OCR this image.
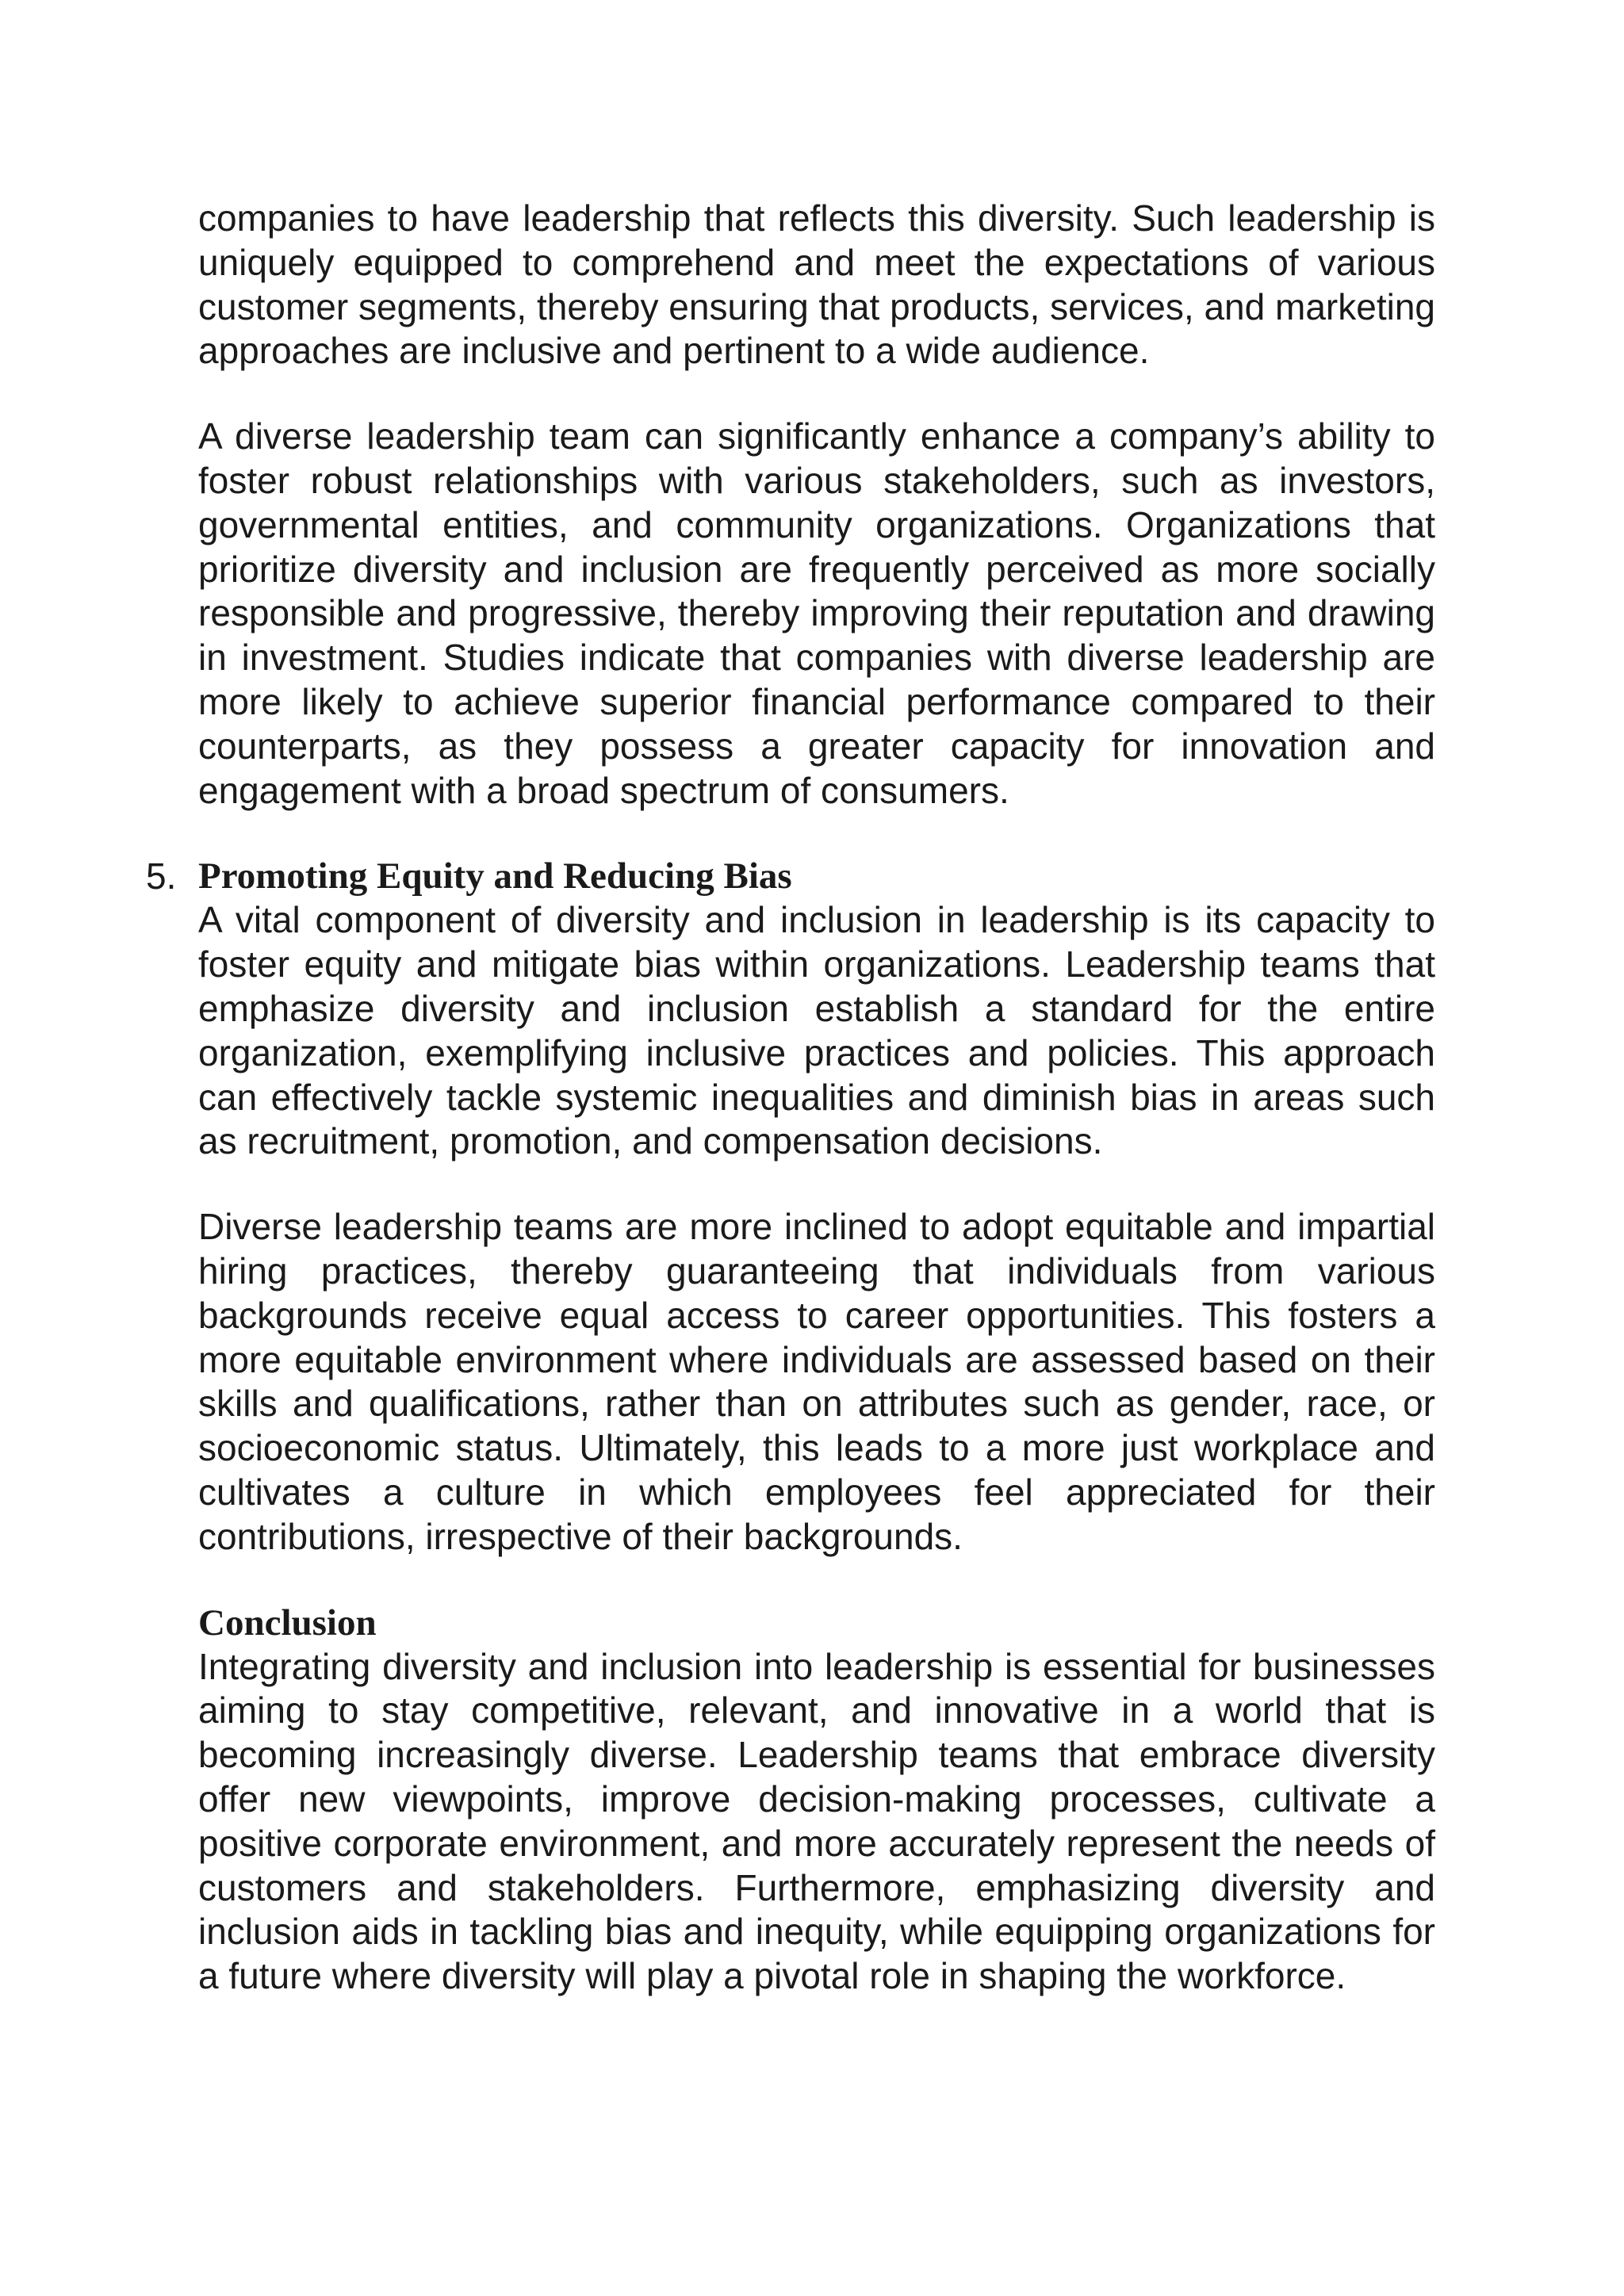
companies to have leadership that reflects this diversity. Such leadership is uniquely equipped to comprehend and meet the expectations of various customer segments, thereby ensuring that products, services, and marketing approaches are inclusive and pertinent to a wide audience.

A diverse leadership team can significantly enhance a company’s ability to foster robust relationships with various stakeholders, such as investors, governmental entities, and community organizations. Organizations that prioritize diversity and inclusion are frequently perceived as more socially responsible and progressive, thereby improving their reputation and drawing in investment. Studies indicate that companies with diverse leadership are more likely to achieve superior financial performance compared to their counterparts, as they possess a greater capacity for innovation and engagement with a broad spectrum of consumers.

5. Promoting Equity and Reducing Bias

A vital component of diversity and inclusion in leadership is its capacity to foster equity and mitigate bias within organizations. Leadership teams that emphasize diversity and inclusion establish a standard for the entire organization, exemplifying inclusive practices and policies. This approach can effectively tackle systemic inequalities and diminish bias in areas such as recruitment, promotion, and compensation decisions.

Diverse leadership teams are more inclined to adopt equitable and impartial hiring practices, thereby guaranteeing that individuals from various backgrounds receive equal access to career opportunities. This fosters a more equitable environment where individuals are assessed based on their skills and qualifications, rather than on attributes such as gender, race, or socioeconomic status. Ultimately, this leads to a more just workplace and cultivates a culture in which employees feel appreciated for their contributions, irrespective of their backgrounds.

Conclusion

Integrating diversity and inclusion into leadership is essential for businesses aiming to stay competitive, relevant, and innovative in a world that is becoming increasingly diverse. Leadership teams that embrace diversity offer new viewpoints, improve decision-making processes, cultivate a positive corporate environment, and more accurately represent the needs of customers and stakeholders. Furthermore, emphasizing diversity and inclusion aids in tackling bias and inequity, while equipping organizations for a future where diversity will play a pivotal role in shaping the workforce.
